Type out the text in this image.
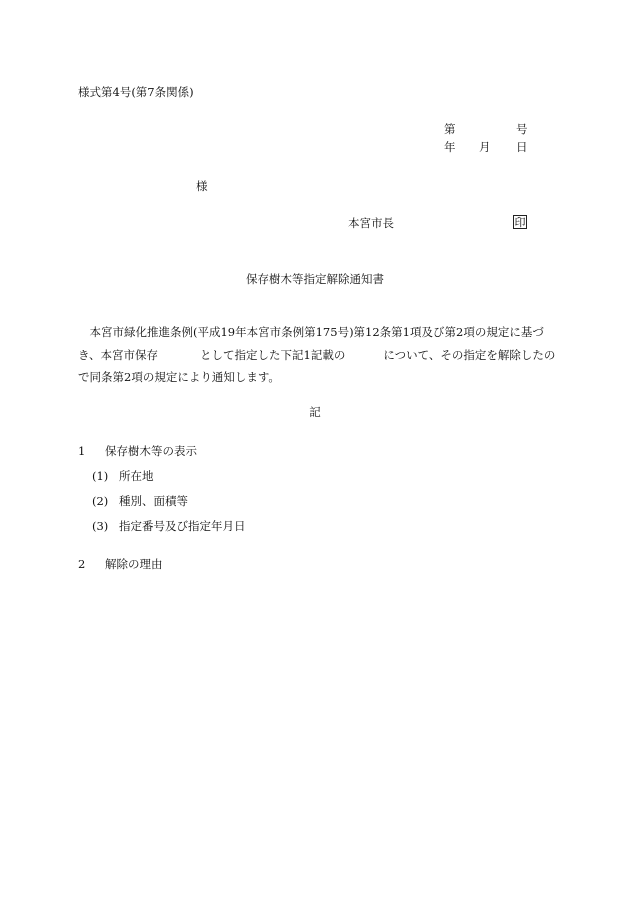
様式第4号(第7条関係)
第	号
年 月 日
様
本宮市長	印
保存樹木等指定解除通知書
　本宮市緑化推進条例(平成19年本宮市条例第175号)第12条第1項及び第2項の規定に基づ
き、本宮市保存	として指定した下記1記載の	について、その指定を解除したの
で同条第2項の規定により通知します。
記
1 保存樹木等の表示
(1) 所在地
(2) 種別、面積等
(3) 指定番号及び指定年月日
2 解除の理由
